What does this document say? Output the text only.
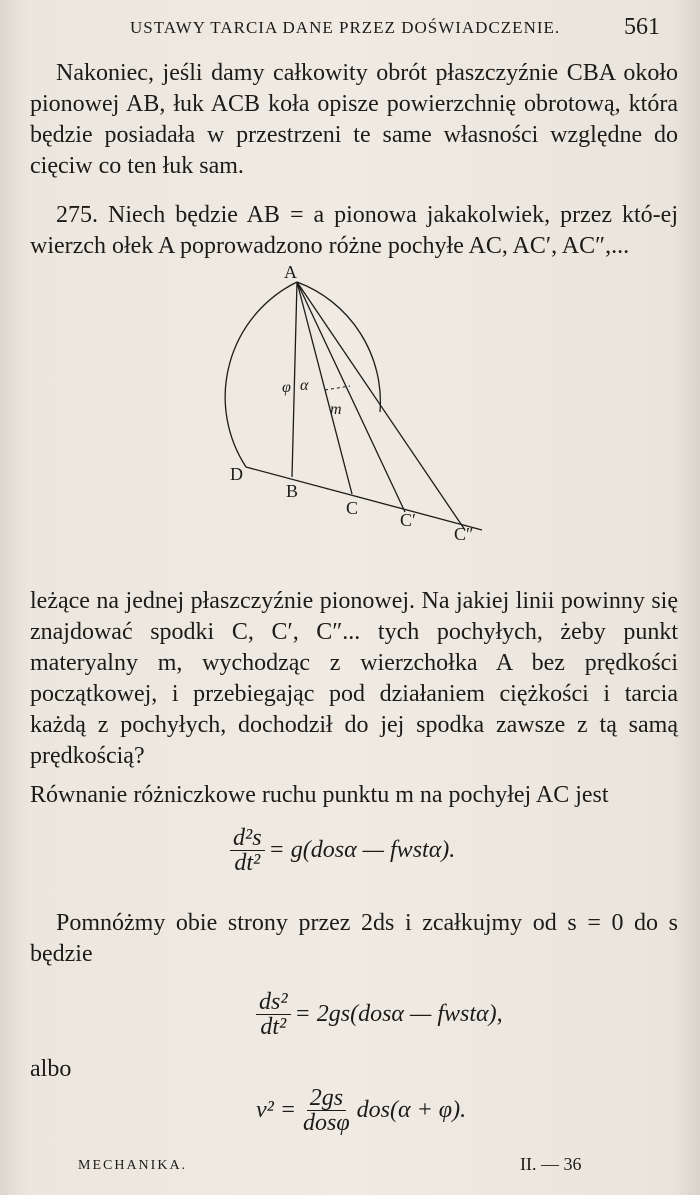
USTAWY TARCIA DANE PRZEZ DOŚWIADCZENIE.	561

Nakoniec, jeśli damy całkowity obrót płaszczyźnie CBA około pionowej AB, łuk ACB koła opisze powierzchnię obrotową, która będzie posiadała w przestrzeni te same własności względne do cięciw co ten łuk sam.

275. Niech będzie AB = a pionowa jakakolwiek, przez któ-ej wierzch ołek A poprowadzono różne pochyłe AC, AC′, AC″,...

A
B
C
C′
C″
D
m
φ α

leżące na jednej płaszczyźnie pionowej. Na jakiej linii powinny się znajdować spodki C, C′, C″... tych pochyłych, żeby punkt materyalny m, wychodząc z wierzchołka A bez prędkości początkowej, i przebiegając pod działaniem ciężkości i tarcia każdą z pochyłych, dochodził do jej spodka zawsze z tą samą prędkością?

Równanie różniczkowe ruchu punktu m na pochyłej AC jest

$\frac{\text{d²s}}{\text{dt²}} = g(dos\alpha$ — fwstα).

Pomnóżmy obie strony przez 2ds i zcałkujmy od s = 0 do s będzie

$\frac{\text{ds²}}{\text{dt²}} = 2gs(dos\alpha$ — fwstα),

albo

$v^2 = \frac{2gs}{\text{dosφ}} dos(\alpha + \varphi)$.
MECHANIKA.	II. — 36
